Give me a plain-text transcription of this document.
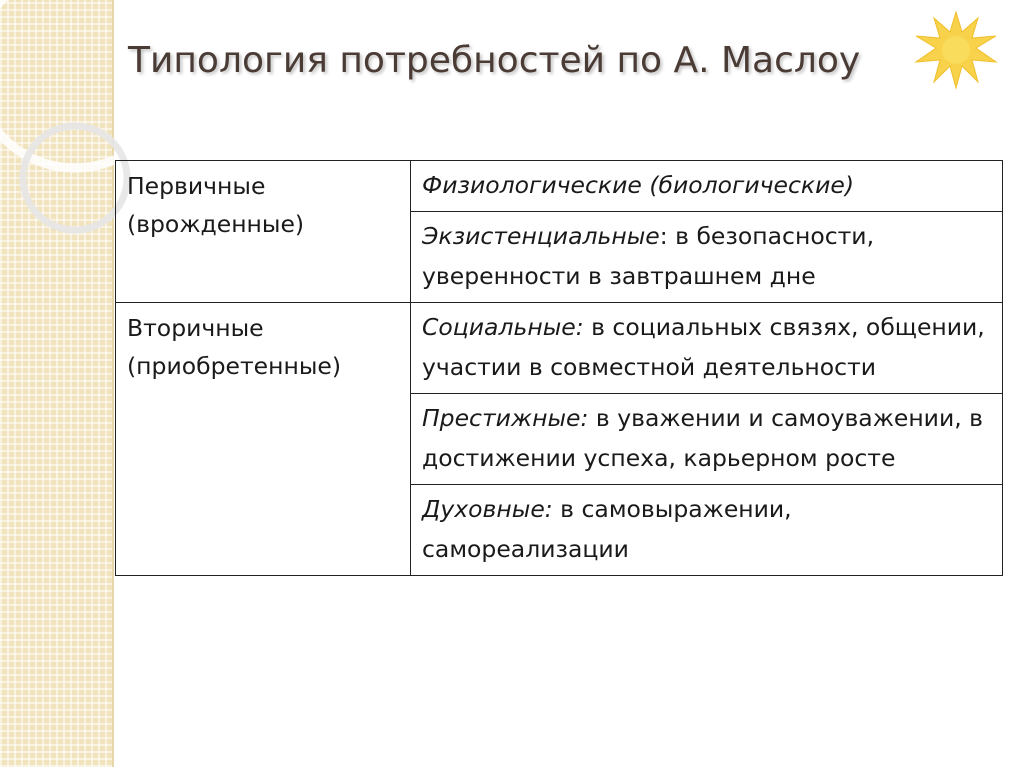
Типология потребностей по А. Маслоу
Первичные (врожденные)	Физиологические (биологические)
	Экзистенциальные: в безопасности, уверенности в завтрашнем дне
Вторичные (приобретенные)	Социальные: в социальных связях, общении, участии в совместной деятельности
	Престижные: в уважении и самоуважении, в достижении успеха, карьерном росте
	Духовные: в самовыражении, самореализации
